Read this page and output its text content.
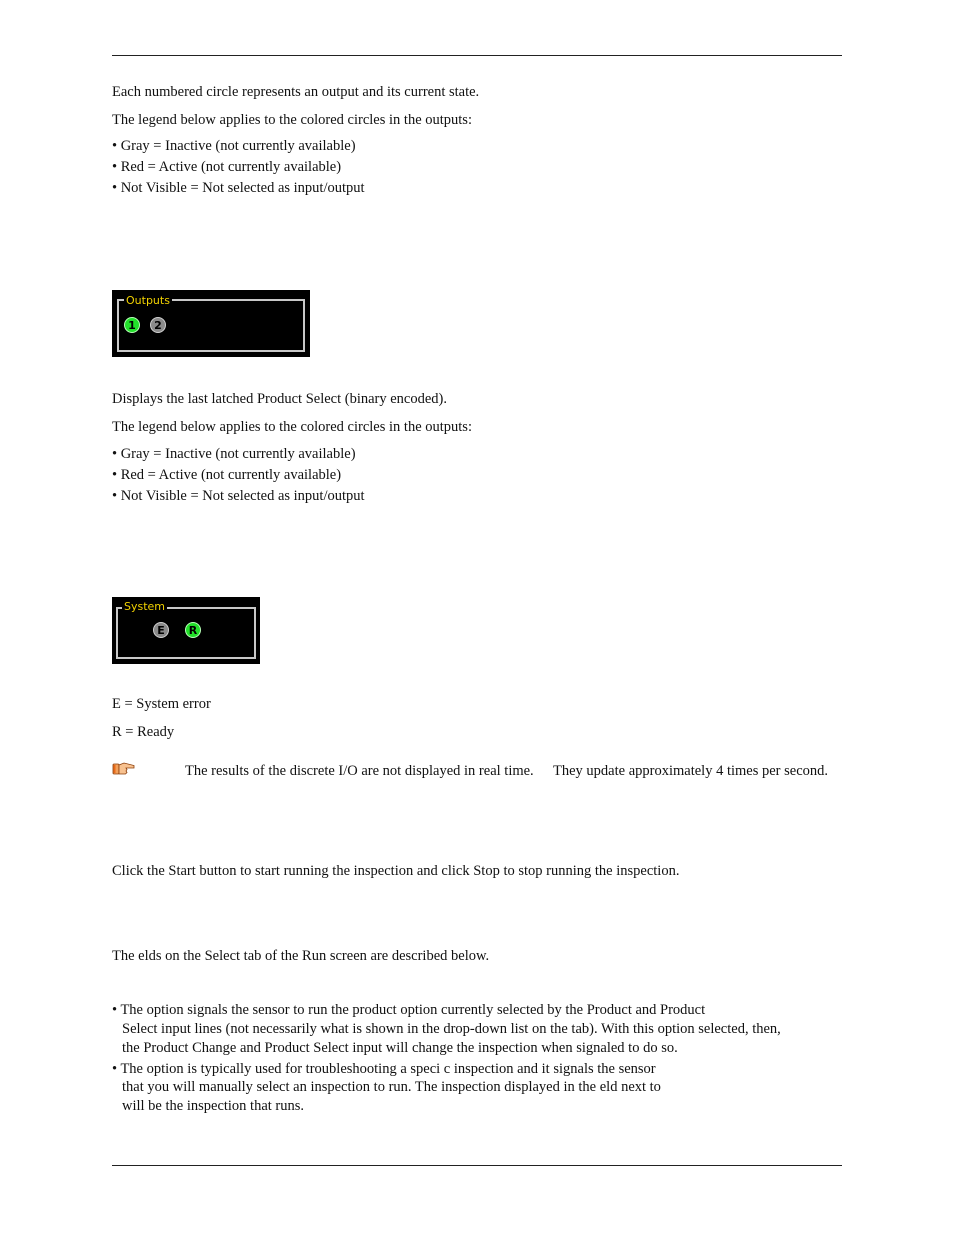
Each numbered circle represents an output and its current state.
The legend below applies to the colored circles in the outputs:
• Gray = Inactive (not currently available)
• Red = Active (not currently available)
• Not Visible = Not selected as input/output
Outputs
1	2
Displays the last latched Product Select (binary encoded).
The legend below applies to the colored circles in the outputs:
• Gray = Inactive (not currently available)
• Red = Active (not currently available)
• Not Visible = Not selected as input/output
System
E	R
E = System error
R = Ready
The results of the discrete I/O are not displayed in real time. They update approximately 4 times per second.
Click the Start button to start running the inspection and click Stop to stop running the inspection.
The elds on the Select tab of the Run screen are described below.
• The option signals the sensor to run the product option currently selected by the Product and Product
Select input lines (not necessarily what is shown in the drop-down list on the tab). With this option selected, then,
the Product Change and Product Select input will change the inspection when signaled to do so.
• The option is typically used for troubleshooting a speci c inspection and it signals the sensor
that you will manually select an inspection to run. The inspection displayed in the eld next to
will be the inspection that runs.
